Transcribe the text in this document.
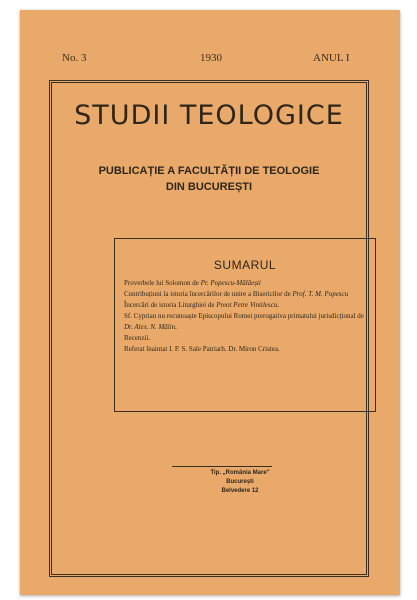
No. 3	1930	ANUL I
STUDII TEOLOGICE
PUBLICAȚIE A FACULTĂȚII DE TEOLOGIE
DIN BUCUREȘTI
SUMARUL

Proverbele lui Solomon de Pr. Popescu-Mălăești

Contribuțiuni la istoria încercărilor de unire a Bisericilor de Prof. T. M. Popescu

Încercări de istoria Liturghiei de Preot Petre Vintilescu.

Sf. Cyprian nu recunoaște Episcopului Romei prerogativa primatului jurisdicțional de Dr. Alex. N. Mălin.

Recenzii.

Referat înaintat I. P. S. Sale Patriarh. Dr. Miron Cristea.

Tip. „România Mare"
București
Belvedere 12
